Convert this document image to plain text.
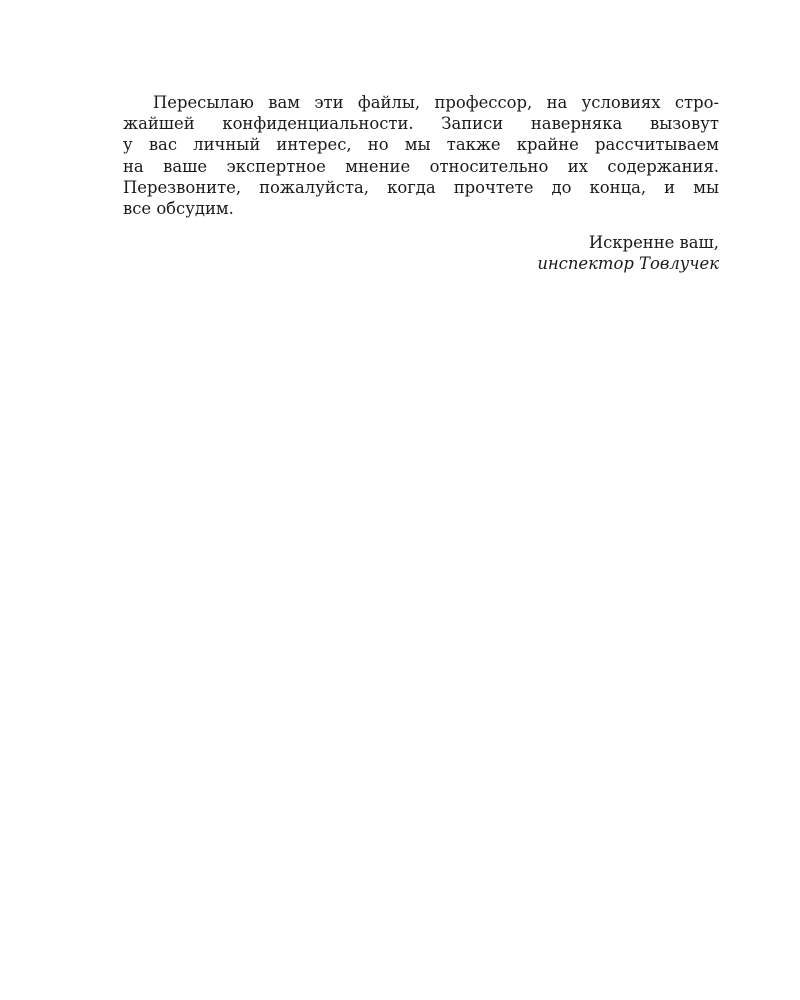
Пересылаю вам эти файлы, профессор, на условиях стро-
жайшей конфиденциальности. Записи наверняка вызовут
у вас личный интерес, но мы также крайне рассчитываем
на ваше экспертное мнение относительно их содержания.
Перезвоните, пожалуйста, когда прочтете до конца, и мы
все обсудим.
Искренне ваш,
инспектор Товлучек
